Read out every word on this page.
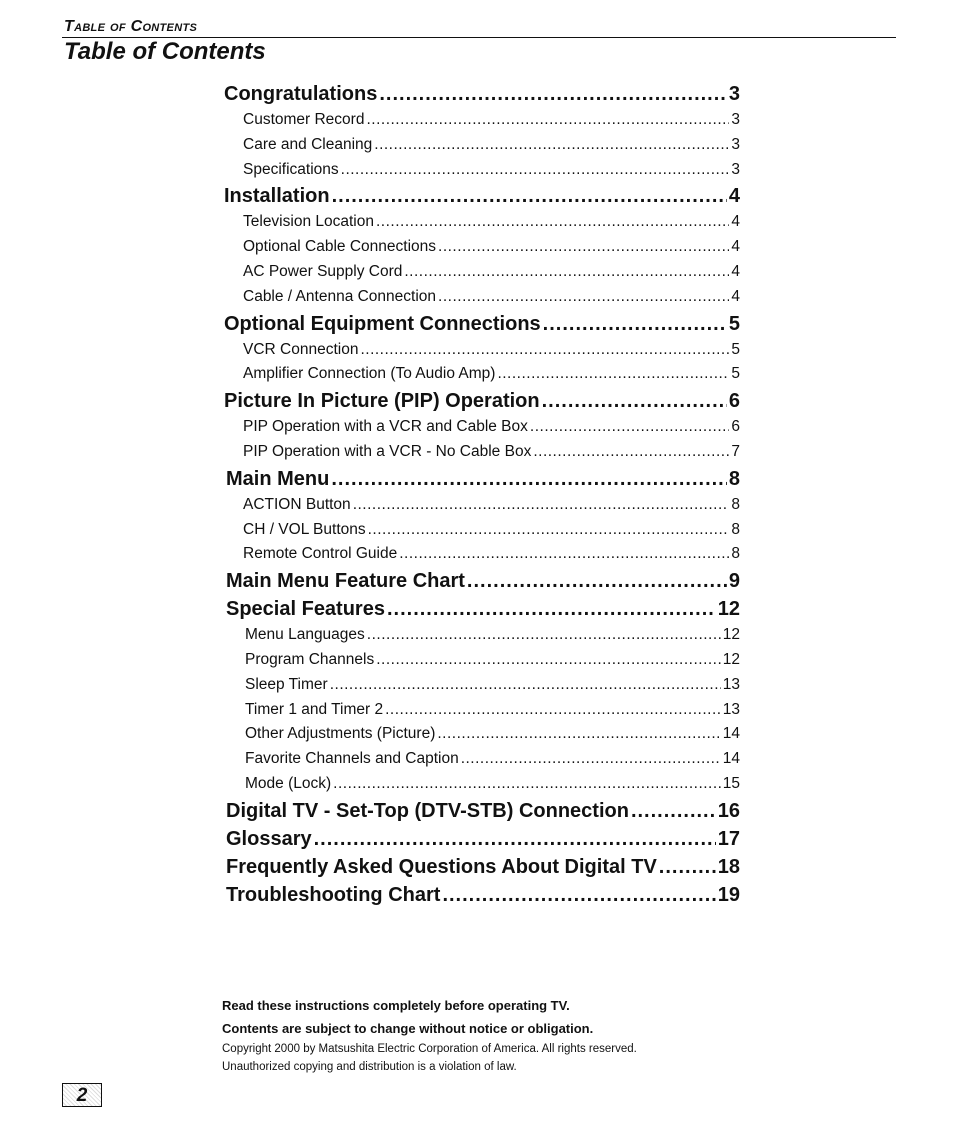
Table of Contents
Table of Contents
Congratulations .....	3
Customer Record .....	3
Care and Cleaning .....	3
Specifications .....	3
Installation .....	4
Television Location .....	4
Optional Cable Connections .....	4
AC Power Supply Cord .....	4
Cable / Antenna Connection .....	4
Optional Equipment Connections .....	5
VCR Connection .....	5
Amplifier Connection (To Audio Amp) .....	5
Picture In Picture (PIP) Operation .....	6
PIP Operation with a VCR and Cable Box .....	6
PIP Operation with a VCR - No Cable Box .....	7
Main Menu .....	8
ACTION Button .....	8
CH / VOL Buttons .....	8
Remote Control Guide .....	8
Main Menu Feature Chart .....	9
Special Features .....	12
Menu Languages .....	12
Program Channels .....	12
Sleep Timer .....	13
Timer 1 and Timer 2 .....	13
Other Adjustments (Picture) .....	14
Favorite Channels and Caption .....	14
Mode (Lock) .....	15
Digital TV - Set-Top (DTV-STB) Connection .....	16
Glossary .....	17
Frequently Asked Questions About Digital TV .....	18
Troubleshooting Chart .....	19

Read these instructions completely before operating TV.

Contents are subject to change without notice or obligation.

Copyright 2000 by Matsushita Electric Corporation of America. All rights reserved.

Unauthorized copying and distribution is a violation of law.

2
